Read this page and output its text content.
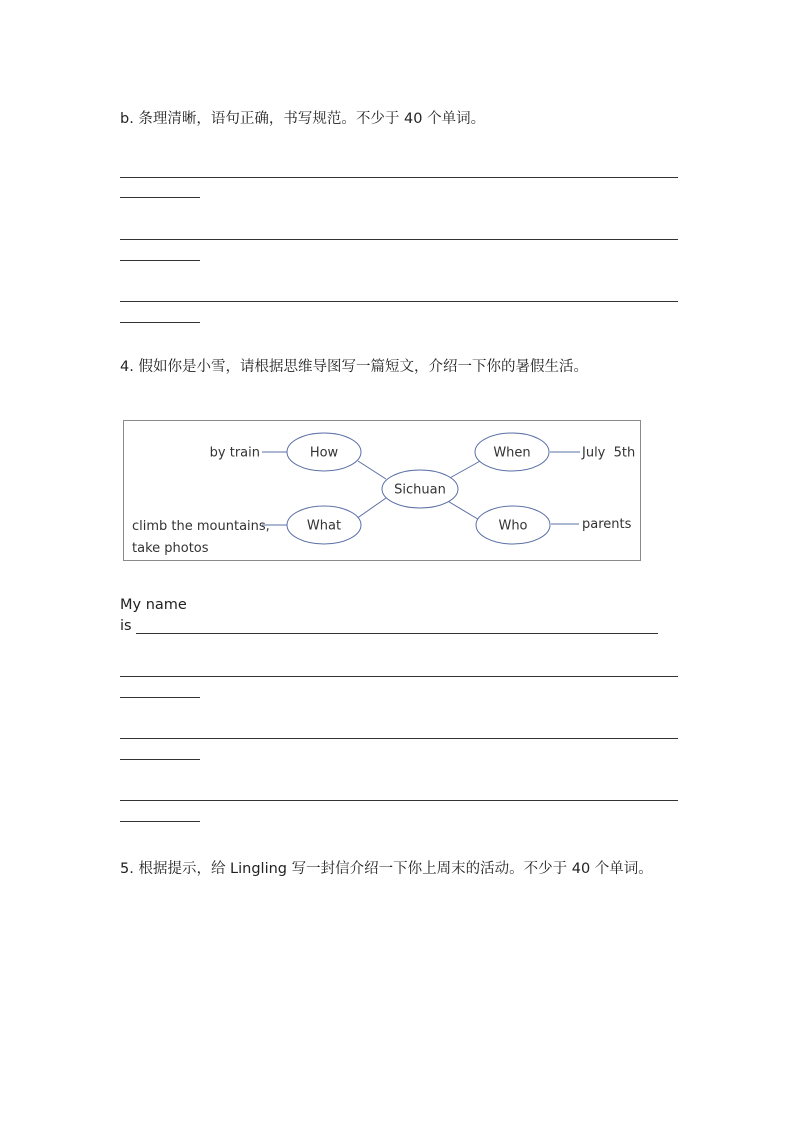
b. 条理清晰，语句正确，书写规范。不少于 40 个单词。
4. 假如你是小雪，请根据思维导图写一篇短文，介绍一下你的暑假生活。
How	When
Sichuan
What	Who
by train	July  5th
climb the mountains,
take photos
parents
My name
is
5. 根据提示，给 Lingling 写一封信介绍一下你上周末的活动。不少于 40 个单词。
